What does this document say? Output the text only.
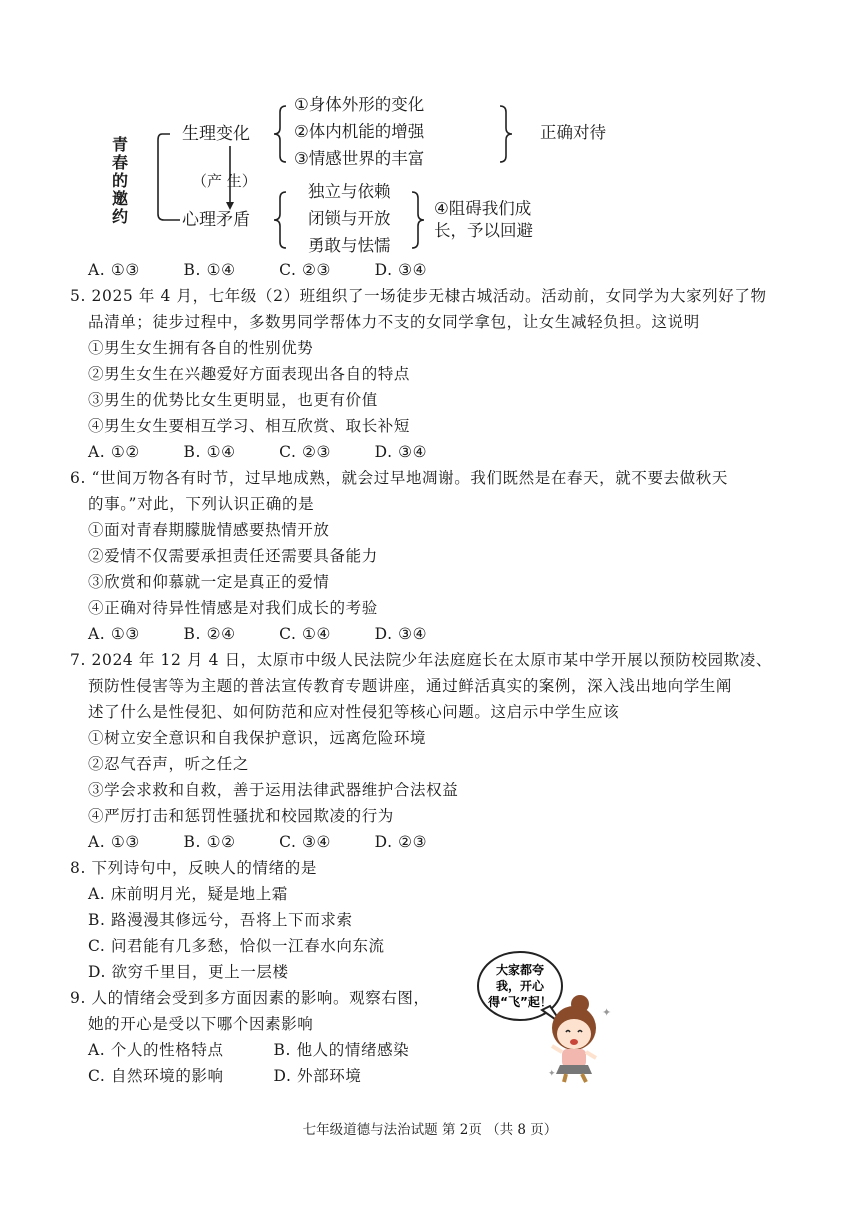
青
春
的
邀
约
生理变化
心理矛盾
（产 生）
①身体外形的变化
②体内机能的增强
③情感世界的丰富
正确对待
独立与依赖
闭锁与开放
勇敢与怯懦
④阻碍我们成
长，予以回避
A. ①③	B. ①④	C. ②③	D. ③④
5. 2025 年 4 月，七年级（2）班组织了一场徒步无棣古城活动。活动前，女同学为大家列好了物
品清单；徒步过程中，多数男同学帮体力不支的女同学拿包，让女生减轻负担。这说明
①男生女生拥有各自的性别优势
②男生女生在兴趣爱好方面表现出各自的特点
③男生的优势比女生更明显，也更有价值
④男生女生要相互学习、相互欣赏、取长补短
A. ①②	B. ①④	C. ②③	D. ③④
6. “世间万物各有时节，过早地成熟，就会过早地凋谢。我们既然是在春天，就不要去做秋天
的事。”对此，下列认识正确的是
①面对青春期朦胧情感要热情开放
②爱情不仅需要承担责任还需要具备能力
③欣赏和仰慕就一定是真正的爱情
④正确对待异性情感是对我们成长的考验
A. ①③	B. ②④	C. ①④	D. ③④
7. 2024 年 12 月 4 日，太原市中级人民法院少年法庭庭长在太原市某中学开展以预防校园欺凌、
预防性侵害等为主题的普法宣传教育专题讲座，通过鲜活真实的案例，深入浅出地向学生阐
述了什么是性侵犯、如何防范和应对性侵犯等核心问题。这启示中学生应该
①树立安全意识和自我保护意识，远离危险环境
②忍气吞声，听之任之
③学会求救和自救，善于运用法律武器维护合法权益
④严厉打击和惩罚性骚扰和校园欺凌的行为
A. ①③	B. ①②	C. ③④	D. ②③
8. 下列诗句中，反映人的情绪的是
A. 床前明月光，疑是地上霜
B. 路漫漫其修远兮，吾将上下而求索
C. 问君能有几多愁，恰似一江春水向东流
D. 欲穷千里目，更上一层楼
9. 人的情绪会受到多方面因素的影响。观察右图，
她的开心是受以下哪个因素影响
A. 个人的性格特点	B. 他人的情绪感染
C. 自然环境的影响	D. 外部环境
大家都夸
我，开心
得“飞”起！
✦
✦
七年级道德与法治试题 第 2页 （共 8 页）
